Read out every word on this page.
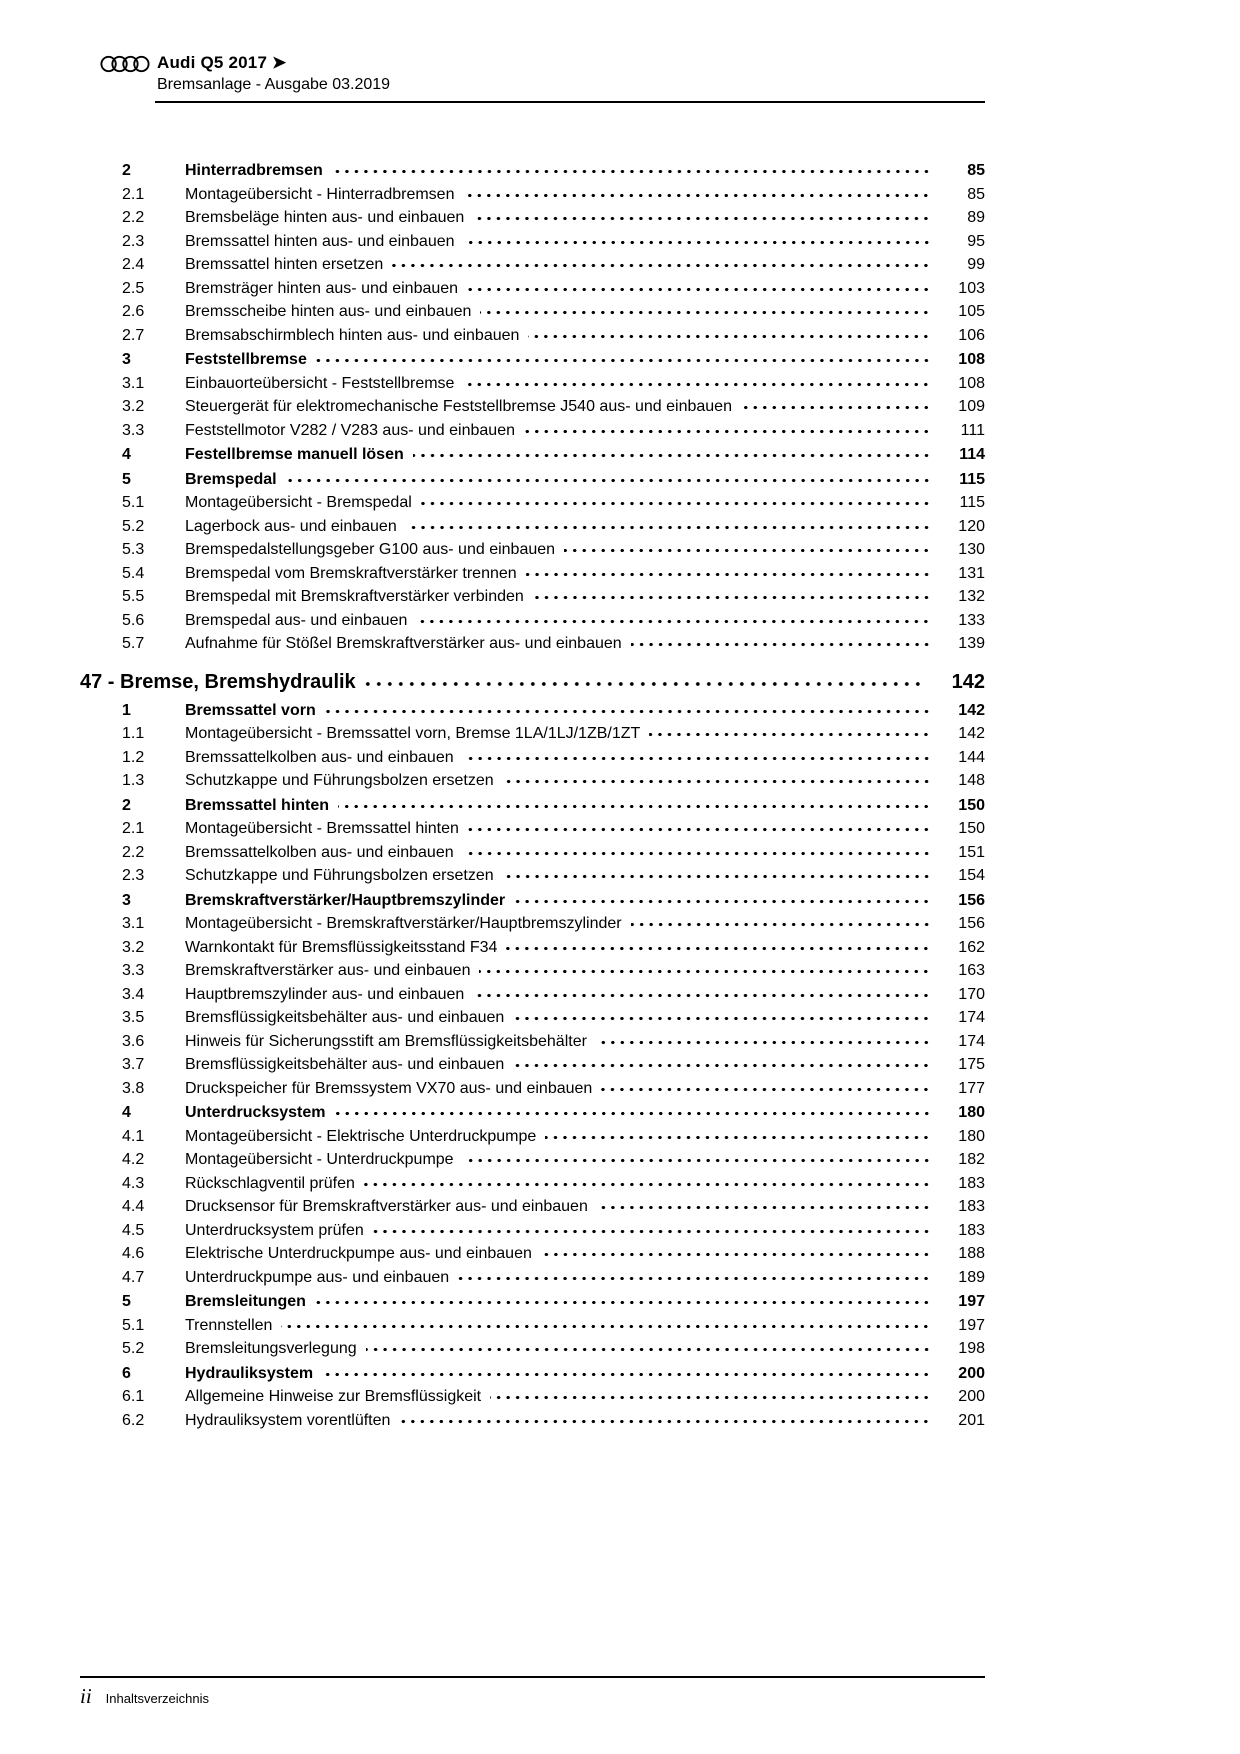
Audi Q5 2017 ➤
Bremsanlage - Ausgabe 03.2019
2	Hinterradbremsen	85
2.1	Montageübersicht - Hinterradbremsen	85
2.2	Bremsbeläge hinten aus- und einbauen	89
2.3	Bremssattel hinten aus- und einbauen	95
2.4	Bremssattel hinten ersetzen	99
2.5	Bremsträger hinten aus- und einbauen	103
2.6	Bremsscheibe hinten aus- und einbauen	105
2.7	Bremsabschirmblech hinten aus- und einbauen	106
3	Feststellbremse	108
3.1	Einbauorteübersicht - Feststellbremse	108
3.2	Steuergerät für elektromechanische Feststellbremse J540 aus- und einbauen	109
3.3	Feststellmotor V282 / V283 aus- und einbauen	111
4	Festellbremse manuell lösen	114
5	Bremspedal	115
5.1	Montageübersicht - Bremspedal	115
5.2	Lagerbock aus- und einbauen	120
5.3	Bremspedalstellungsgeber G100 aus- und einbauen	130
5.4	Bremspedal vom Bremskraftverstärker trennen	131
5.5	Bremspedal mit Bremskraftverstärker verbinden	132
5.6	Bremspedal aus- und einbauen	133
5.7	Aufnahme für Stößel Bremskraftverstärker aus- und einbauen	139
47 - Bremse, Bremshydraulik	142
1	Bremssattel vorn	142
1.1	Montageübersicht - Bremssattel vorn, Bremse 1LA/1LJ/1ZB/1ZT	142
1.2	Bremssattelkolben aus- und einbauen	144
1.3	Schutzkappe und Führungsbolzen ersetzen	148
2	Bremssattel hinten	150
2.1	Montageübersicht - Bremssattel hinten	150
2.2	Bremssattelkolben aus- und einbauen	151
2.3	Schutzkappe und Führungsbolzen ersetzen	154
3	Bremskraftverstärker/Hauptbremszylinder	156
3.1	Montageübersicht - Bremskraftverstärker/Hauptbremszylinder	156
3.2	Warnkontakt für Bremsflüssigkeitsstand F34	162
3.3	Bremskraftverstärker aus- und einbauen	163
3.4	Hauptbremszylinder aus- und einbauen	170
3.5	Bremsflüssigkeitsbehälter aus- und einbauen	174
3.6	Hinweis für Sicherungsstift am Bremsflüssigkeitsbehälter	174
3.7	Bremsflüssigkeitsbehälter aus- und einbauen	175
3.8	Druckspeicher für Bremssystem VX70 aus- und einbauen	177
4	Unterdrucksystem	180
4.1	Montageübersicht - Elektrische Unterdruckpumpe	180
4.2	Montageübersicht - Unterdruckpumpe	182
4.3	Rückschlagventil prüfen	183
4.4	Drucksensor für Bremskraftverstärker aus- und einbauen	183
4.5	Unterdrucksystem prüfen	183
4.6	Elektrische Unterdruckpumpe aus- und einbauen	188
4.7	Unterdruckpumpe aus- und einbauen	189
5	Bremsleitungen	197
5.1	Trennstellen	197
5.2	Bremsleitungsverlegung	198
6	Hydrauliksystem	200
6.1	Allgemeine Hinweise zur Bremsflüssigkeit	200
6.2	Hydrauliksystem vorentlüften	201
ii Inhaltsverzeichnis
